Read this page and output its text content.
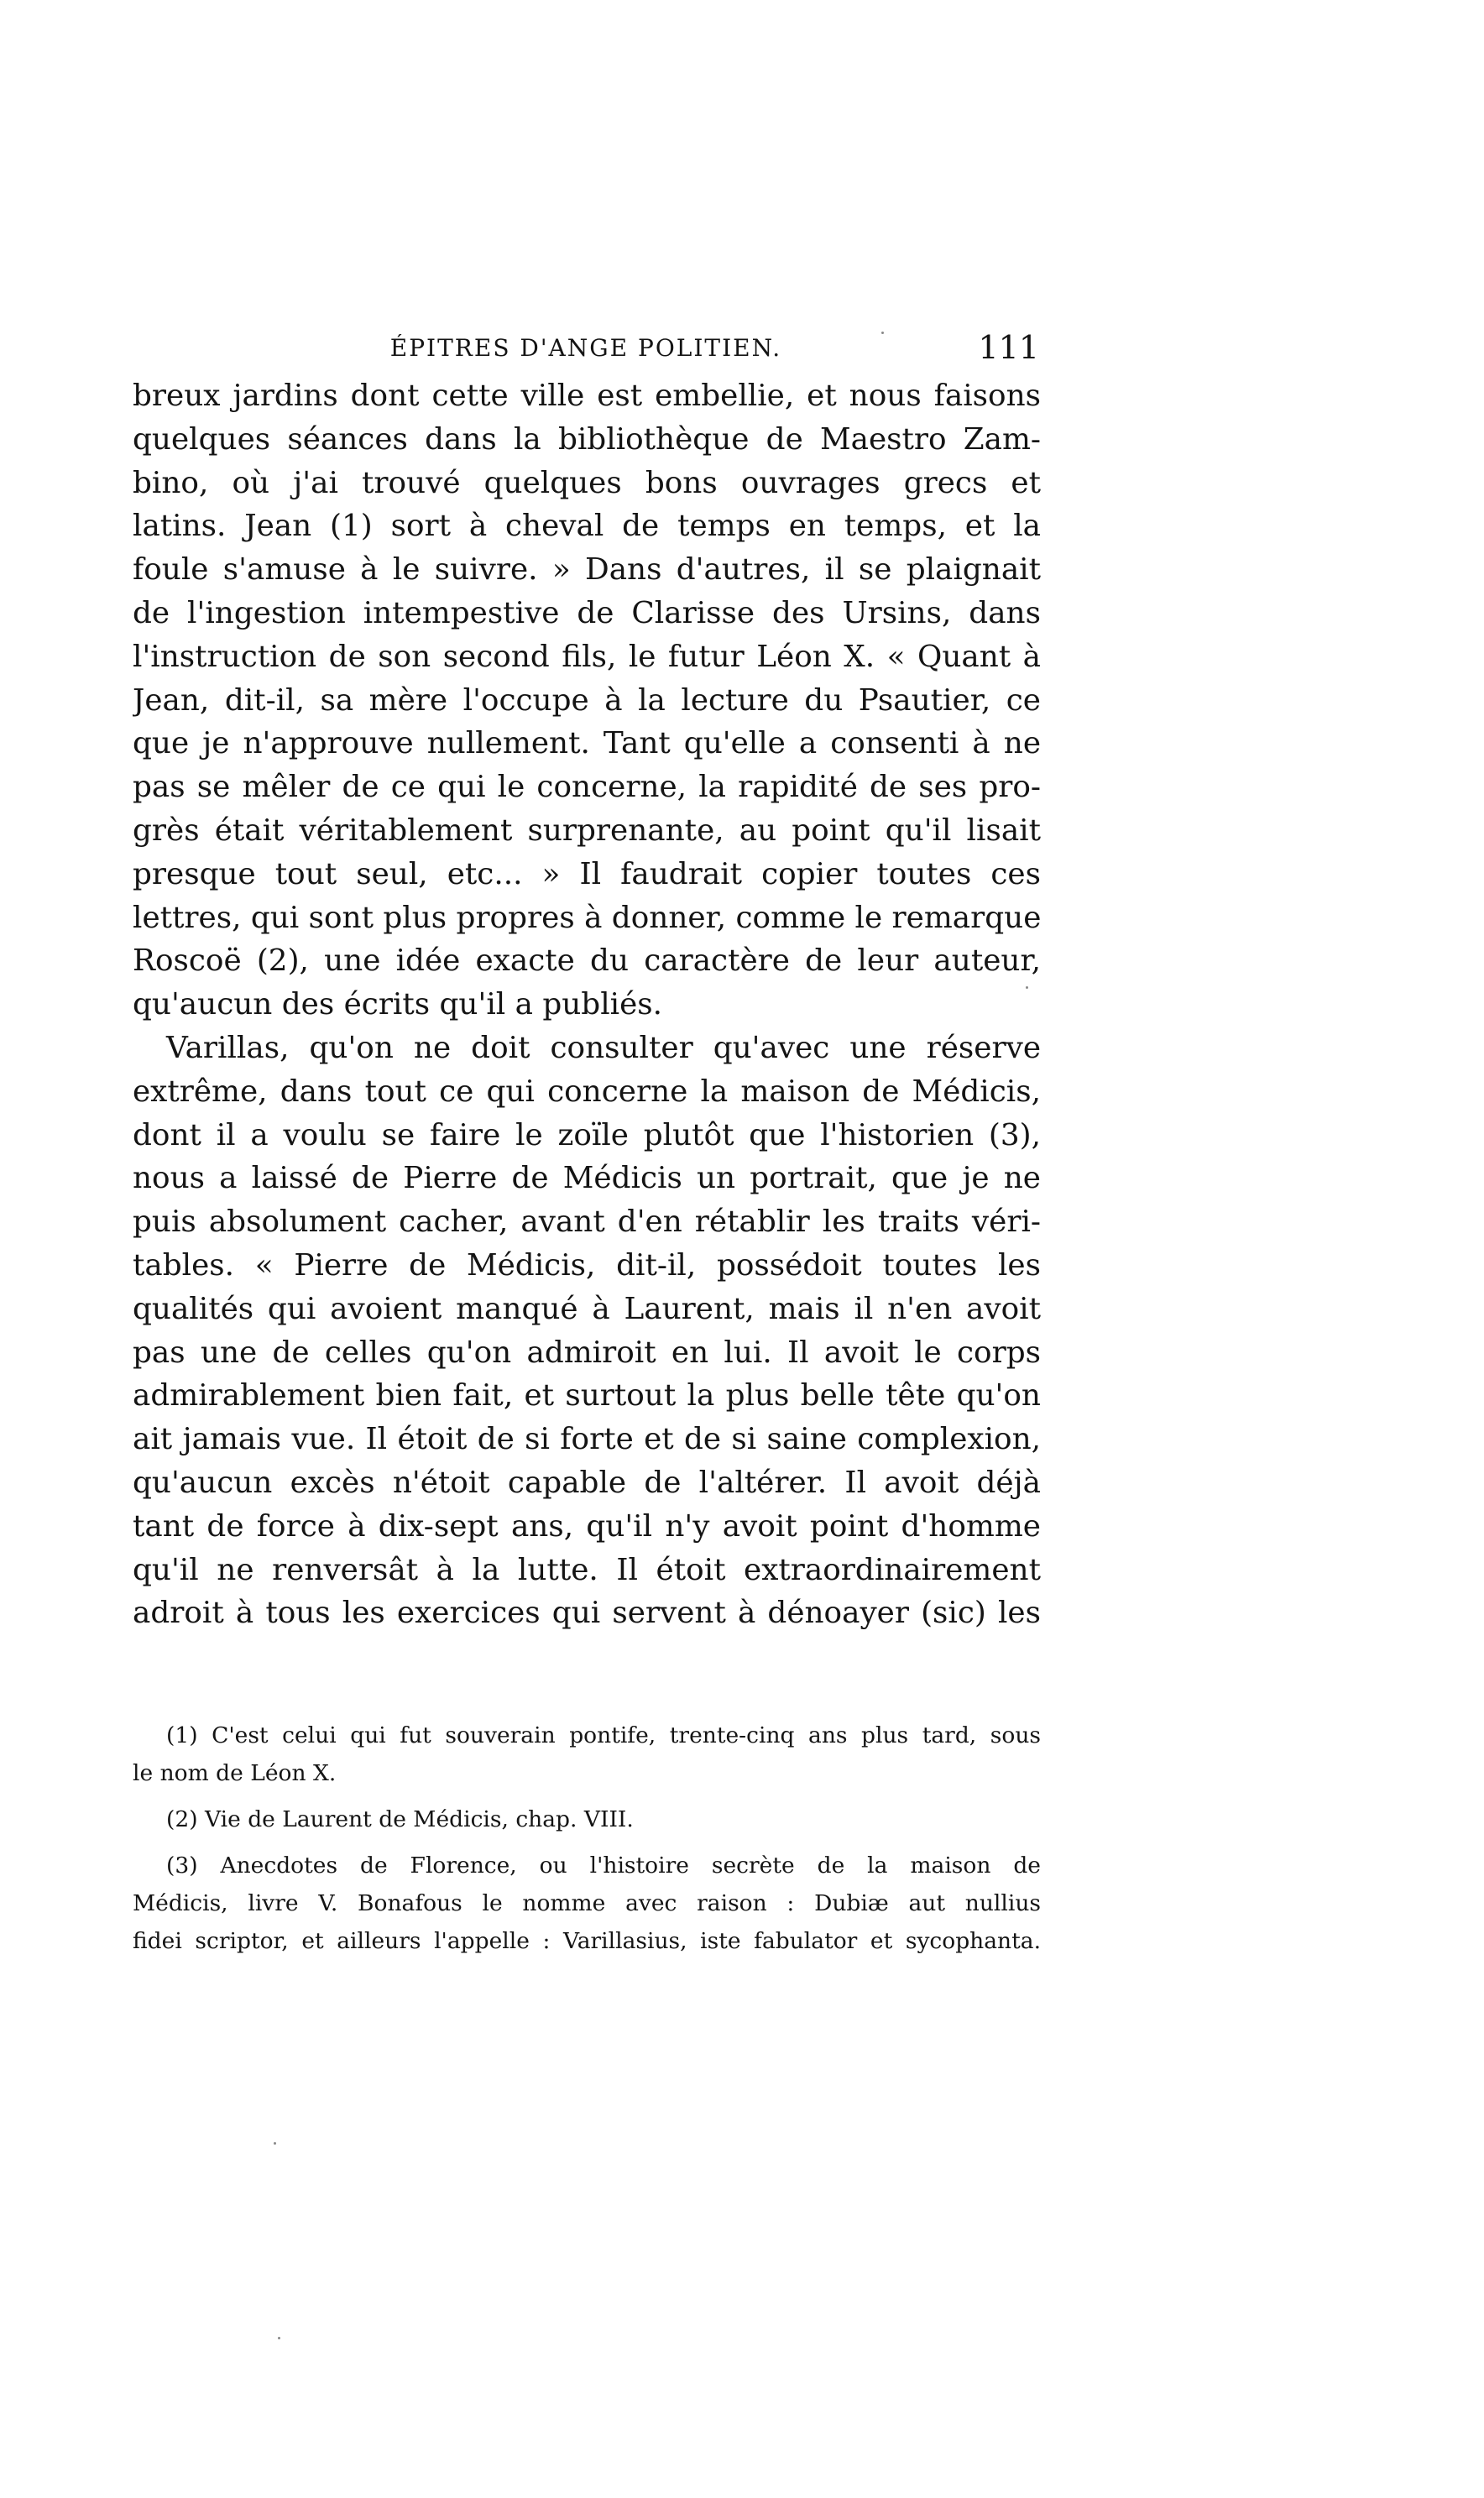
ÉPITRES D'ANGE POLITIEN.	111
breux jardins dont cette ville est embellie, et nous faisons
quelques séances dans la bibliothèque de Maestro Zam-
bino, où j'ai trouvé quelques bons ouvrages grecs et
latins. Jean (1) sort à cheval de temps en temps, et la
foule s'amuse à le suivre. » Dans d'autres, il se plaignait
de l'ingestion intempestive de Clarisse des Ursins, dans
l'instruction de son second fils, le futur Léon X. « Quant à
Jean, dit-il, sa mère l'occupe à la lecture du Psautier, ce
que je n'approuve nullement. Tant qu'elle a consenti à ne
pas se mêler de ce qui le concerne, la rapidité de ses pro-
grès était véritablement surprenante, au point qu'il lisait
presque tout seul, etc... » Il faudrait copier toutes ces
lettres, qui sont plus propres à donner, comme le remarque
Roscoë (2), une idée exacte du caractère de leur auteur,
qu'aucun des écrits qu'il a publiés.
Varillas, qu'on ne doit consulter qu'avec une réserve
extrême, dans tout ce qui concerne la maison de Médicis,
dont il a voulu se faire le zoïle plutôt que l'historien (3),
nous a laissé de Pierre de Médicis un portrait, que je ne
puis absolument cacher, avant d'en rétablir les traits véri-
tables. « Pierre de Médicis, dit-il, possédoit toutes les
qualités qui avoient manqué à Laurent, mais il n'en avoit
pas une de celles qu'on admiroit en lui. Il avoit le corps
admirablement bien fait, et surtout la plus belle tête qu'on
ait jamais vue. Il étoit de si forte et de si saine complexion,
qu'aucun excès n'étoit capable de l'altérer. Il avoit déjà
tant de force à dix-sept ans, qu'il n'y avoit point d'homme
qu'il ne renversât à la lutte. Il étoit extraordinairement
adroit à tous les exercices qui servent à dénoayer (sic) les
(1) C'est celui qui fut souverain pontife, trente-cinq ans plus tard, sous
le nom de Léon X.
(2) Vie de Laurent de Médicis, chap. VIII.
(3) Anecdotes de Florence, ou l'histoire secrète de la maison de
Médicis, livre V. Bonafous le nomme avec raison : Dubiæ aut nullius
fidei scriptor, et ailleurs l'appelle : Varillasius, iste fabulator et sycophanta.
